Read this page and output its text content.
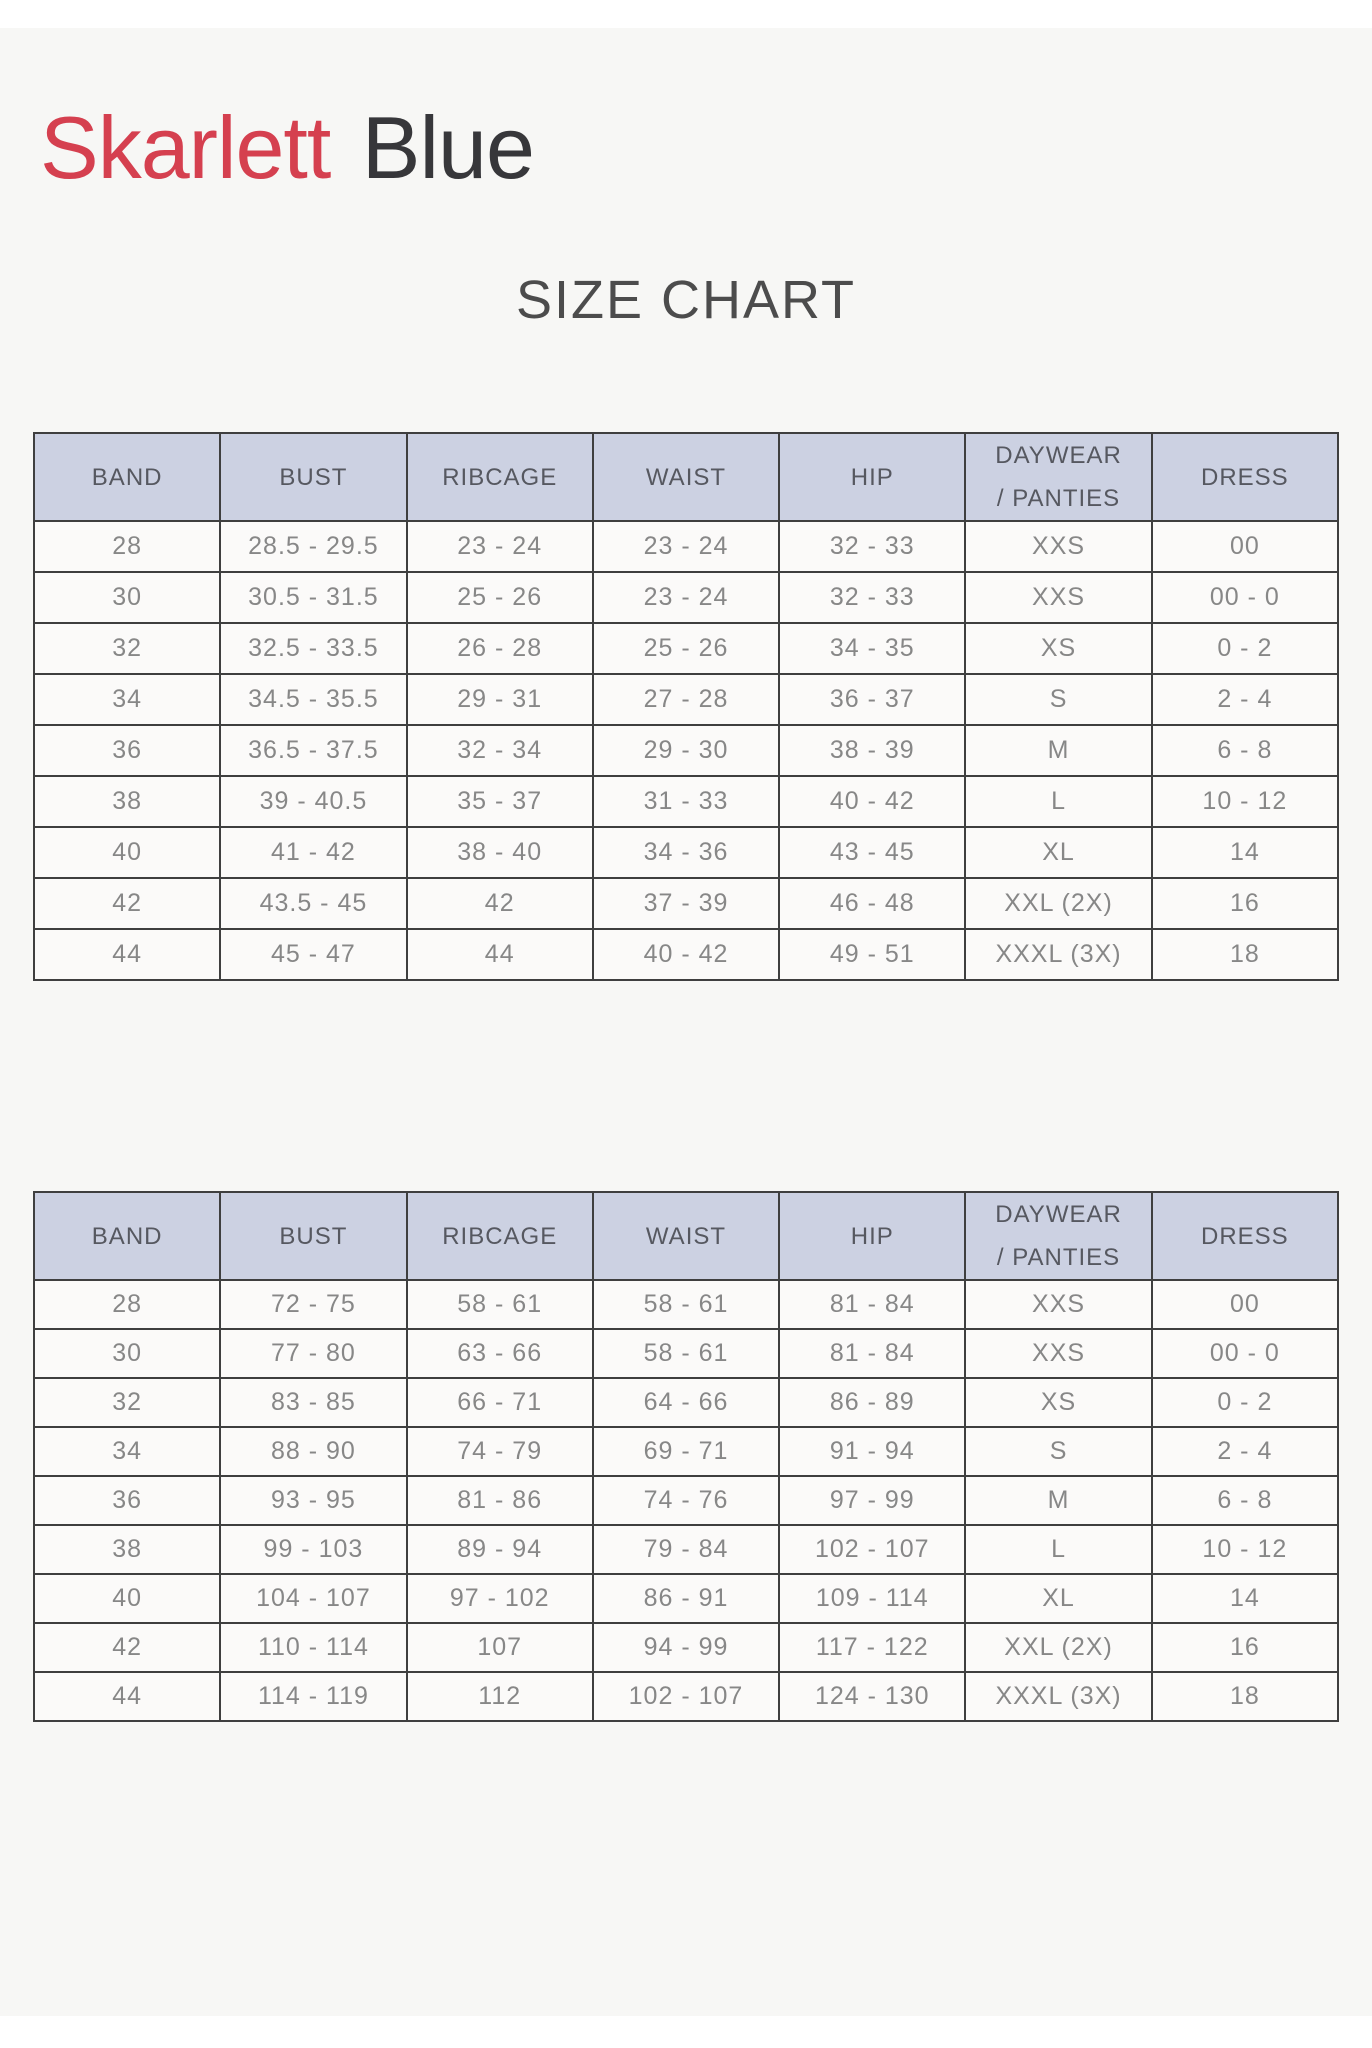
Skarlett Blue
SIZE CHART
BAND	BUST	RIBCAGE	WAIST	HIP	DAYWEAR / PANTIES	DRESS
28	28.5 - 29.5	23 - 24	23 - 24	32 - 33	XXS	00
30	30.5 - 31.5	25 - 26	23 - 24	32 - 33	XXS	00 - 0
32	32.5 - 33.5	26 - 28	25 - 26	34 - 35	XS	0 - 2
34	34.5 - 35.5	29 - 31	27 - 28	36 - 37	S	2 - 4
36	36.5 - 37.5	32 - 34	29 - 30	38 - 39	M	6 - 8
38	39 - 40.5	35 - 37	31 - 33	40 - 42	L	10 - 12
40	41 - 42	38 - 40	34 - 36	43 - 45	XL	14
42	43.5 - 45	42	37 - 39	46 - 48	XXL (2X)	16
44	45 - 47	44	40 - 42	49 - 51	XXXL (3X)	18
BAND	BUST	RIBCAGE	WAIST	HIP	DAYWEAR / PANTIES	DRESS
28	72 - 75	58 - 61	58 - 61	81 - 84	XXS	00
30	77 - 80	63 - 66	58 - 61	81 - 84	XXS	00 - 0
32	83 - 85	66 - 71	64 - 66	86 - 89	XS	0 - 2
34	88 - 90	74 - 79	69 - 71	91 - 94	S	2 - 4
36	93 - 95	81 - 86	74 - 76	97 - 99	M	6 - 8
38	99 - 103	89 - 94	79 - 84	102 - 107	L	10 - 12
40	104 - 107	97 - 102	86 - 91	109 - 114	XL	14
42	110 - 114	107	94 - 99	117 - 122	XXL (2X)	16
44	114 - 119	112	102 - 107	124 - 130	XXXL (3X)	18
